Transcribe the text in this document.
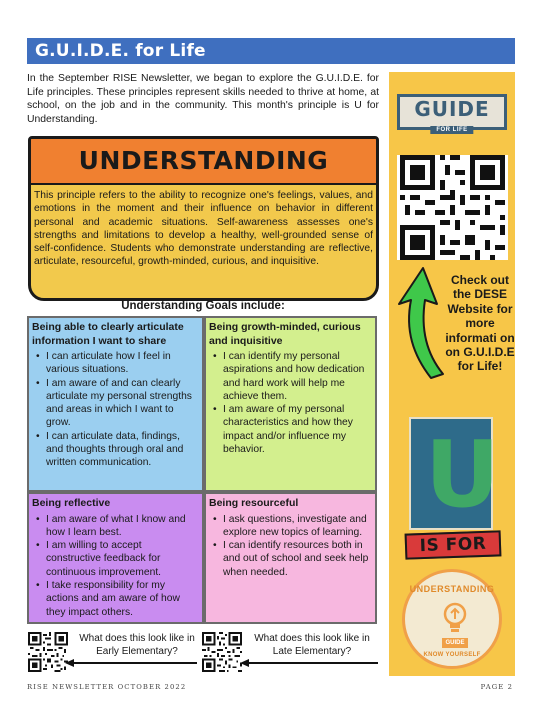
G.U.I.D.E. for Life

In the September RISE Newsletter, we began to explore the G.U.I.D.E. for Life principles. These principles represent skills needed to thrive at home, at school, on the job and in the community. This month's principle is U for Understanding.

UNDERSTANDING

This principle refers to the ability to recognize one's feelings, values, and emotions in the moment and their influence on behavior in different personal and academic situations. Self-awareness assesses one's strengths and limitations to develop a healthy, well-grounded sense of self-confidence. Students who demonstrate understanding are reflective, articulate, resourceful, growth-minded, curious, and inquisitive.

Understanding Goals include:
Being able to clearly articulate information I want to share
• I can articulate how I feel in various situations.
• I am aware of and can clearly articulate my personal strengths and areas in which I want to grow.
• I can articulate data, findings, and thoughts through oral and written communication.
Being growth-minded, curious and inquisitive
• I can identify my personal aspirations and how dedication and hard work will help me achieve them.
• I am aware of my personal characteristics and how they impact and/or influence my behavior.
Being reflective
• I am aware of what I know and how I learn best.
• I am willing to accept constructive feedback for continuous improvement.
• I take responsibility for my actions and am aware of how they impact others.
Being resourceful
• I ask questions, investigate and explore new topics of learning.
• I can identify resources both in and out of school and seek help when needed.
GUIDE
FOR LIFE
Check out the DESE Website for more informati on on G.U.I.D.E for Life!
U
IS FOR
UNDERSTANDING
GUIDE
KNOW YOURSELF
What does this look like in Early Elementary?
What does this look like in Late Elementary?
RISE NEWSLETTER OCTOBER 2022	PAGE 2
